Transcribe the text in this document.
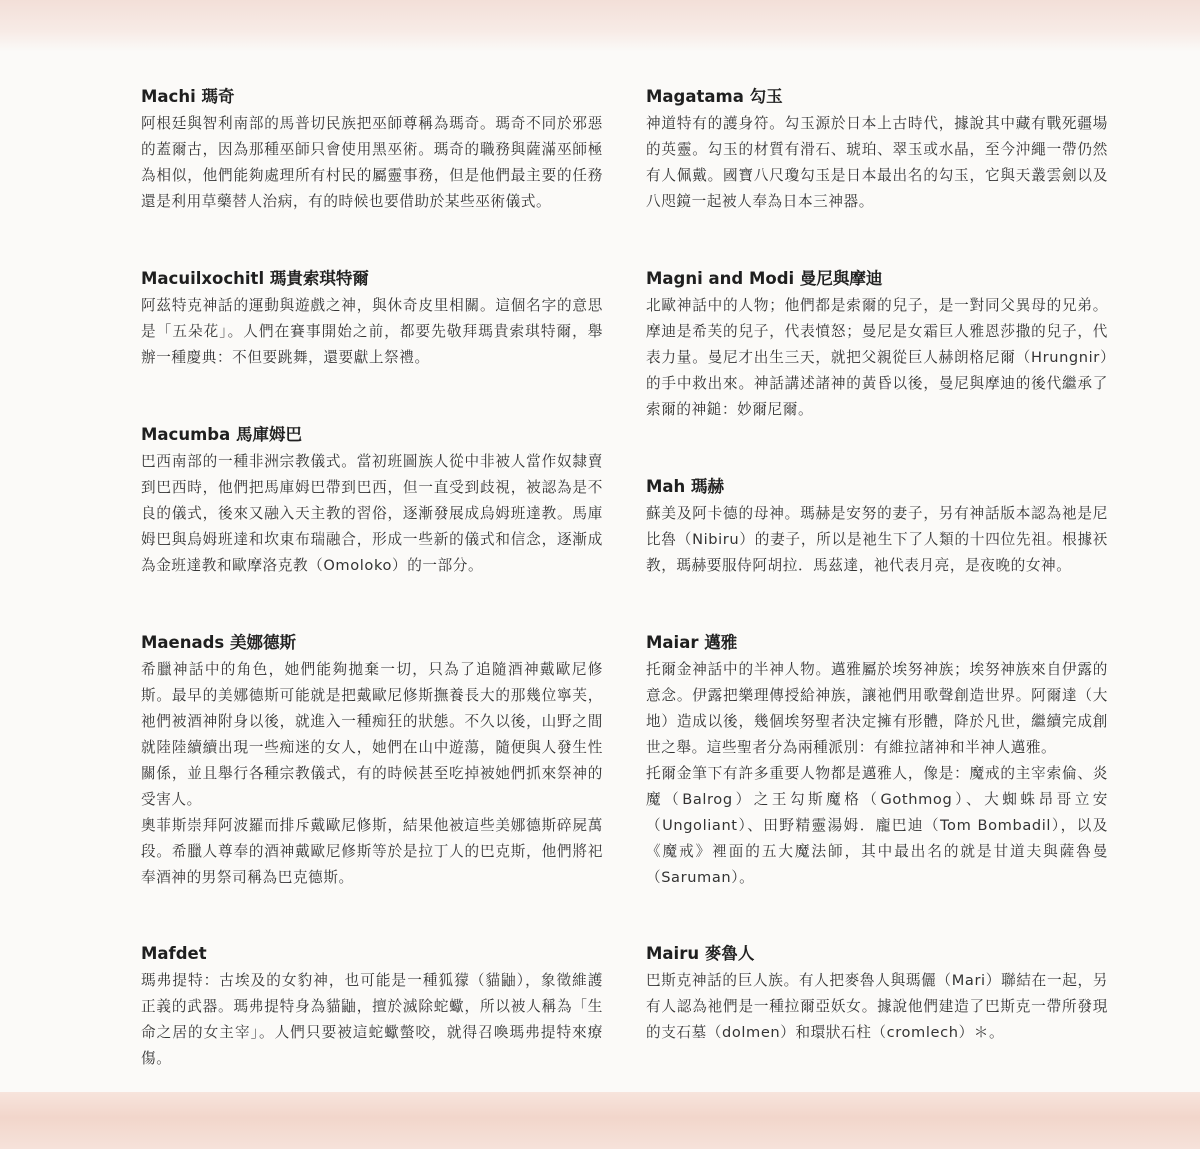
Machi 瑪奇

阿根廷與智利南部的馬普切民族把巫師尊稱為瑪奇。瑪奇不同於邪惡的蓋爾古，因為那種巫師只會使用黑巫術。瑪奇的職務與薩滿巫師極為相似，他們能夠處理所有村民的屬靈事務，但是他們最主要的任務還是利用草藥替人治病，有的時候也要借助於某些巫術儀式。

Macuilxochitl 瑪貴索琪特爾

阿茲特克神話的運動與遊戲之神，與休奇皮里相關。這個名字的意思是「五朵花」。人們在賽事開始之前，都要先敬拜瑪貴索琪特爾，舉辦一種慶典：不但要跳舞，還要獻上祭禮。

Macumba 馬庫姆巴

巴西南部的一種非洲宗教儀式。當初班圖族人從中非被人當作奴隸賣到巴西時，他們把馬庫姆巴帶到巴西，但一直受到歧視，被認為是不良的儀式，後來又融入天主教的習俗，逐漸發展成烏姆班達教。馬庫姆巴與烏姆班達和坎東布瑞融合，形成一些新的儀式和信念，逐漸成為金班達教和歐摩洛克教（Omoloko）的一部分。

Maenads 美娜德斯

希臘神話中的角色，她們能夠拋棄一切，只為了追隨酒神戴歐尼修斯。最早的美娜德斯可能就是把戴歐尼修斯撫養長大的那幾位寧芙，祂們被酒神附身以後，就進入一種痴狂的狀態。不久以後，山野之間就陸陸續續出現一些痴迷的女人，她們在山中遊蕩，隨便與人發生性關係，並且舉行各種宗教儀式，有的時候甚至吃掉被她們抓來祭神的受害人。

奧菲斯崇拜阿波羅而排斥戴歐尼修斯，結果他被這些美娜德斯碎屍萬段。希臘人尊奉的酒神戴歐尼修斯等於是拉丁人的巴克斯，他們將祀奉酒神的男祭司稱為巴克德斯。

Mafdet

瑪弗提特：古埃及的女豹神，也可能是一種狐獴（貓鼬），象徵維護正義的武器。瑪弗提特身為貓鼬，擅於滅除蛇蠍，所以被人稱為「生命之居的女主宰」。人們只要被這蛇蠍螫咬，就得召喚瑪弗提特來療傷。

Magatama 勾玉

神道特有的護身符。勾玉源於日本上古時代，據說其中藏有戰死疆場的英靈。勾玉的材質有滑石、琥珀、翠玉或水晶，至今沖繩一帶仍然有人佩戴。國寶八尺瓊勾玉是日本最出名的勾玉，它與天叢雲劍以及八咫鏡一起被人奉為日本三神器。

Magni and Modi 曼尼與摩迪

北歐神話中的人物；他們都是索爾的兒子，是一對同父異母的兄弟。摩迪是希芙的兒子，代表憤怒；曼尼是女霜巨人雅恩莎撒的兒子，代表力量。曼尼才出生三天，就把父親從巨人赫朗格尼爾（Hrungnir）的手中救出來。神話講述諸神的黃昏以後，曼尼與摩迪的後代繼承了索爾的神鎚：妙爾尼爾。

Mah 瑪赫

蘇美及阿卡德的母神。瑪赫是安努的妻子，另有神話版本認為祂是尼比魯（Nibiru）的妻子，所以是祂生下了人類的十四位先祖。根據祆教，瑪赫要服侍阿胡拉．馬茲達，祂代表月亮，是夜晚的女神。

Maiar 邁雅

托爾金神話中的半神人物。邁雅屬於埃努神族；埃努神族來自伊露的意念。伊露把樂理傳授給神族，讓祂們用歌聲創造世界。阿爾達（大地）造成以後，幾個埃努聖者決定擁有形體，降於凡世，繼續完成創世之舉。這些聖者分為兩種派別：有維拉諸神和半神人邁雅。

托爾金筆下有許多重要人物都是邁雅人，像是：魔戒的主宰索倫、炎魔（Balrog）之王勾斯魔格（Gothmog）、大蜘蛛昂哥立安（Ungoliant）、田野精靈湯姆．龐巴迪（Tom Bombadil），以及《魔戒》裡面的五大魔法師，其中最出名的就是甘道夫與薩魯曼（Saruman）。

Mairu 麥魯人

巴斯克神話的巨人族。有人把麥魯人與瑪儷（Mari）聯結在一起，另有人認為祂們是一種拉爾亞妖女。據說他們建造了巴斯克一帶所發現的支石墓（dolmen）和環狀石柱（cromlech）＊。
